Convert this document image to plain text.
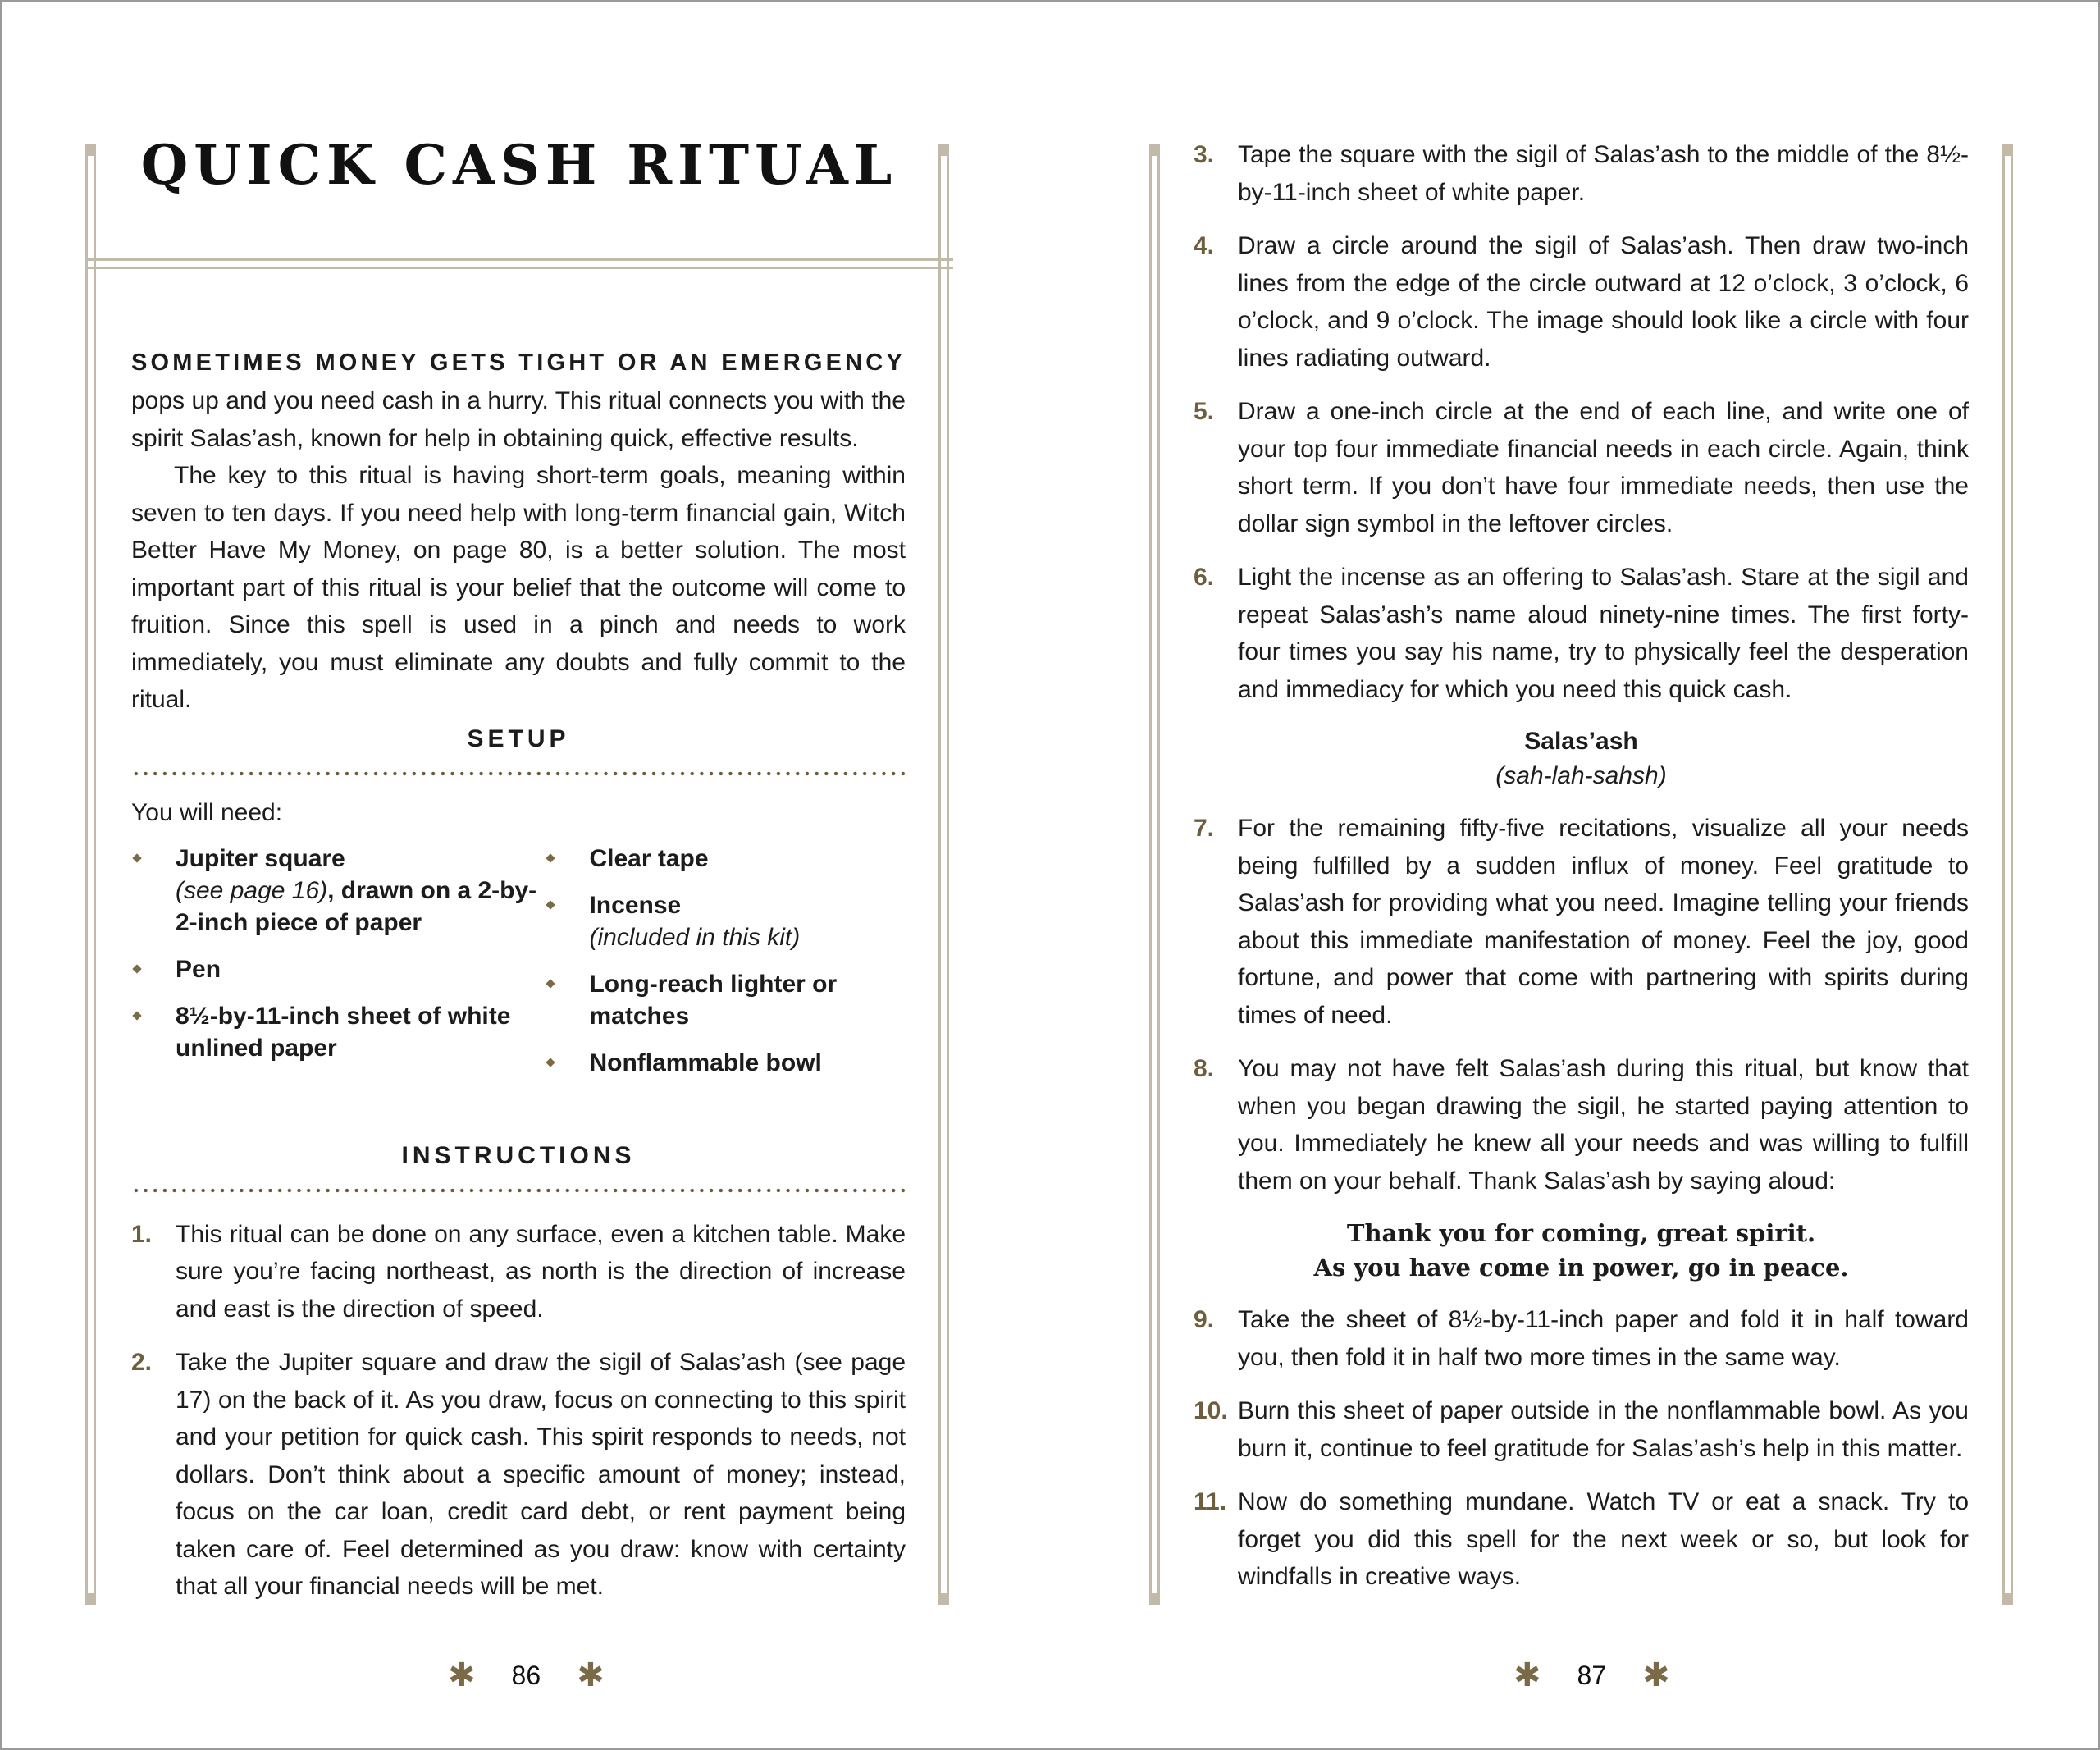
QUICK CASH RITUAL

SOMETIMES MONEY GETS TIGHT OR AN EMERGENCY
pops up and you need cash in a hurry. This ritual connects you with the spirit Salas’ash, known for help in obtaining quick, effective results.

The key to this ritual is having short-term goals, meaning within seven to ten days. If you need help with long-term financial gain, Witch Better Have My Money, on page 80, is a better solution. The most important part of this ritual is your belief that the outcome will come to fruition. Since this spell is used in a pinch and needs to work immediately, you must eliminate any doubts and fully commit to the ritual.

SETUP

You will need:

Jupiter square
(see page 16), drawn on a 2-by-2-inch piece of paper
Pen
8½-by-11-inch sheet of white unlined paper
Clear tape
Incense
(included in this kit)
Long-reach lighter or matches
Nonflammable bowl
INSTRUCTIONS
1. This ritual can be done on any surface, even a kitchen table. Make sure you’re facing northeast, as north is the direction of increase and east is the direction of speed.
2. Take the Jupiter square and draw the sigil of Salas’ash (see page 17) on the back of it. As you draw, focus on connecting to this spirit and your petition for quick cash. This spirit responds to needs, not dollars. Don’t think about a specific amount of money; instead, focus on the car loan, credit card debt, or rent payment being taken care of. Feel determined as you draw: know with certainty that all your financial needs will be met.
✱ 86 ✱
3. Tape the square with the sigil of Salas’ash to the middle of the 8½-by-11-inch sheet of white paper.
4. Draw a circle around the sigil of Salas’ash. Then draw two-inch lines from the edge of the circle outward at 12 o’clock, 3 o’clock, 6 o’clock, and 9 o’clock. The image should look like a circle with four lines radiating outward.
5. Draw a one-inch circle at the end of each line, and write one of your top four immediate financial needs in each circle. Again, think short term. If you don’t have four immediate needs, then use the dollar sign symbol in the leftover circles.
6. Light the incense as an offering to Salas’ash. Stare at the sigil and repeat Salas’ash’s name aloud ninety-nine times. The first forty-four times you say his name, try to physically feel the desperation and immediacy for which you need this quick cash.
Salas’ash
(sah-lah-sahsh)
7. For the remaining fifty-five recitations, visualize all your needs being fulfilled by a sudden influx of money. Feel gratitude to Salas’ash for providing what you need. Imagine telling your friends about this immediate manifestation of money. Feel the joy, good fortune, and power that come with partnering with spirits during times of need.
8. You may not have felt Salas’ash during this ritual, but know that when you began drawing the sigil, he started paying attention to you. Immediately he knew all your needs and was willing to fulfill them on your behalf. Thank Salas’ash by saying aloud:
Thank you for coming, great spirit.
As you have come in power, go in peace.
9. Take the sheet of 8½-by-11-inch paper and fold it in half toward you, then fold it in half two more times in the same way.
10. Burn this sheet of paper outside in the nonflammable bowl. As you burn it, continue to feel gratitude for Salas’ash’s help in this matter.
11. Now do something mundane. Watch TV or eat a snack. Try to forget you did this spell for the next week or so, but look for windfalls in creative ways.
✱ 87 ✱
